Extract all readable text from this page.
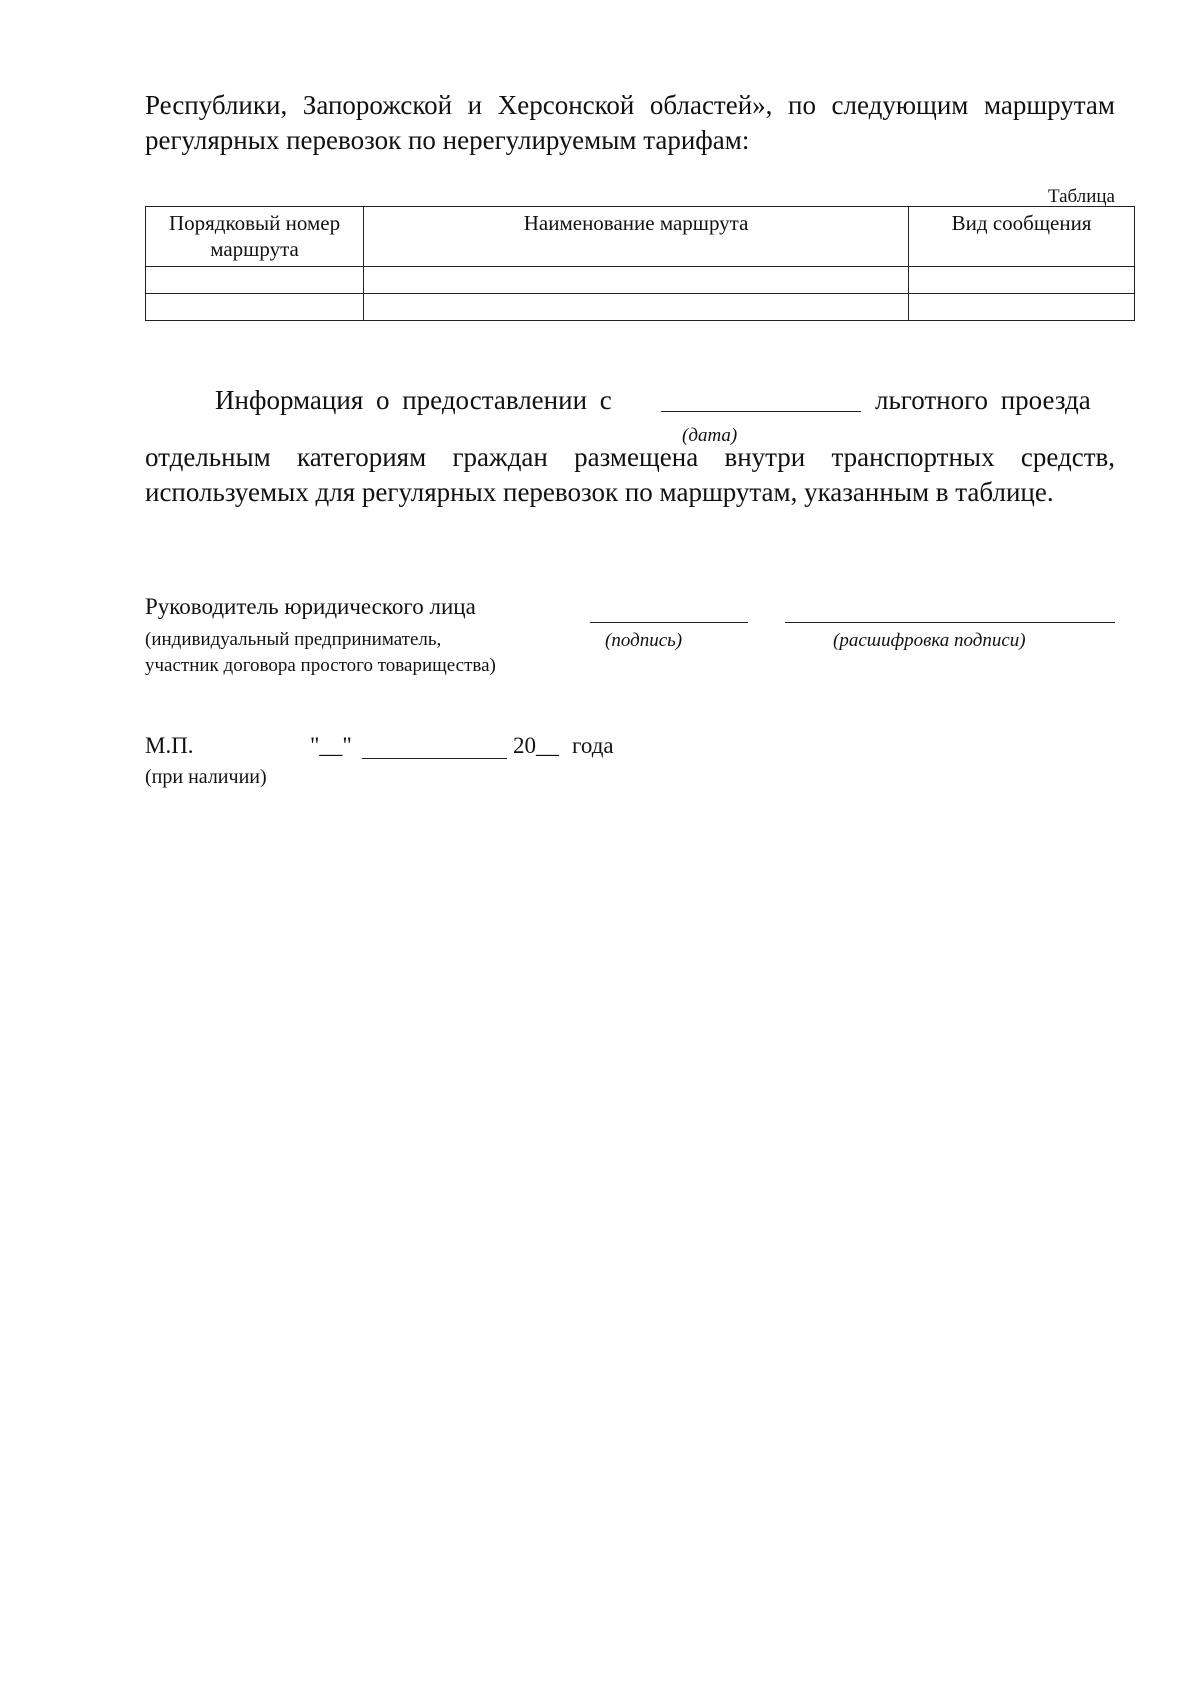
Республики, Запорожской и Херсонской областей», по следующим маршрутам
регулярных перевозок по нерегулируемым тарифам:
Таблица
Порядковый номер маршрута	Наименование маршрута	Вид сообщения

Информация о предоставлении с	льготного проезда
(дата)
отдельным категориям граждан размещена внутри транспортных средств,
используемых для регулярных перевозок по маршрутам, указанным в таблице.
Руководитель юридического лица
(индивидуальный предприниматель,
участник договора простого товарищества)
(подпись)	(расшифровка подписи)
М.П.
(при наличии)
"__"	20__ года
